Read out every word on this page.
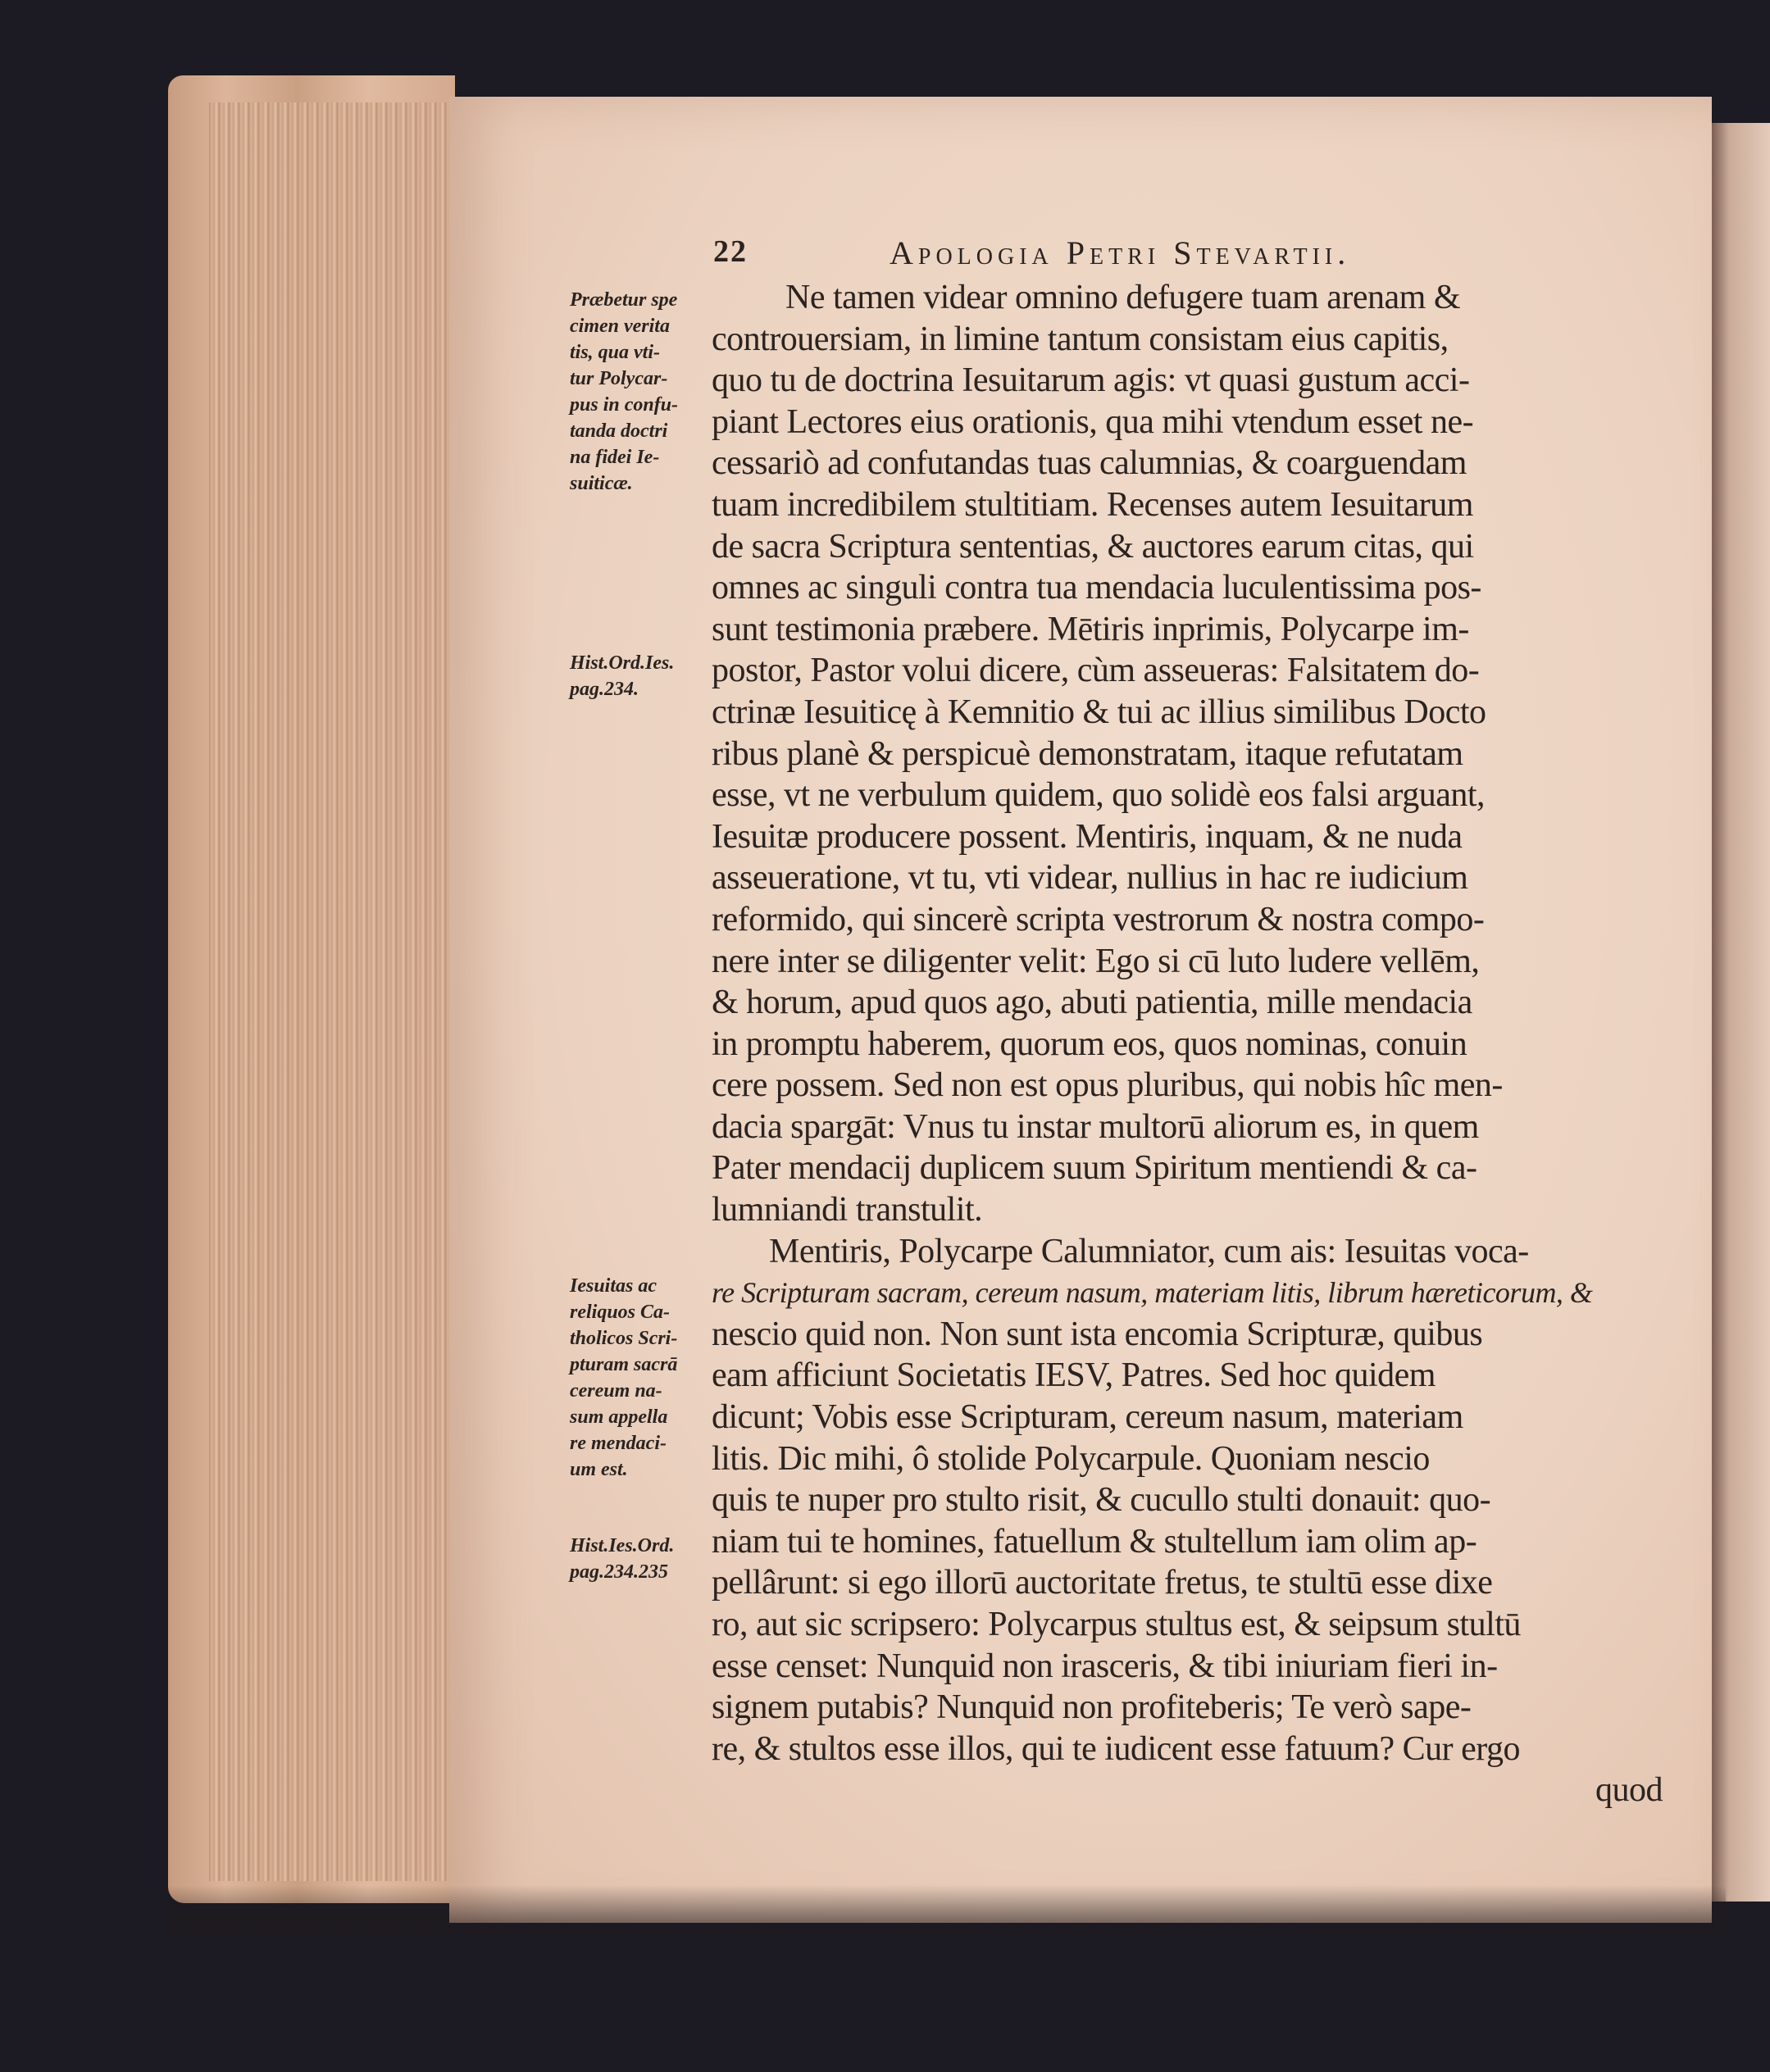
22	Apologia Petri Stevartii.
Præbetur spe
cimen verita
tis, qua vti-
tur Polycar-
pus in confu-
tanda doctri
na fidei Ie-
suiticæ.
Hist.Ord.Ies.
pag.234.
Iesuitas ac
reliquos Ca-
tholicos Scri-
pturam sacrā
cereum na-
sum appella
re mendaci-
um est.
Hist.Ies.Ord.
pag.234.235
Ne tamen videar omnino defugere tuam arenam &
controuersiam, in limine tantum consistam eius capitis,
quo tu de doctrina Iesuitarum agis: vt quasi gustum acci-
piant Lectores eius orationis, qua mihi vtendum esset ne-
cessariò ad confutandas tuas calumnias, & coarguendam
tuam incredibilem stultitiam. Recenses autem Iesuitarum
de sacra Scriptura sententias, & auctores earum citas, qui
omnes ac singuli contra tua mendacia luculentissima pos-
sunt testimonia præbere. Mētiris inprimis, Polycarpe im-
postor, Pastor volui dicere, cùm asseueras: Falsitatem do-
ctrinæ Iesuiticę à Kemnitio & tui ac illius similibus Docto
ribus planè & perspicuè demonstratam, itaque refutatam
esse, vt ne verbulum quidem, quo solidè eos falsi arguant,
Iesuitæ producere possent. Mentiris, inquam, & ne nuda
asseueratione, vt tu, vti videar, nullius in hac re iudicium
reformido, qui sincerè scripta vestrorum & nostra compo-
nere inter se diligenter velit: Ego si cū luto ludere vellēm,
& horum, apud quos ago, abuti patientia, mille mendacia
in promptu haberem, quorum eos, quos nominas, conuin
cere possem. Sed non est opus pluribus, qui nobis hîc men-
dacia spargāt: Vnus tu instar multorū aliorum es, in quem
Pater mendacij duplicem suum Spiritum mentiendi & ca-
lumniandi transtulit.
Mentiris, Polycarpe Calumniator, cum ais: Iesuitas voca-
re Scripturam sacram, cereum nasum, materiam litis, librum hæreticorum, &
nescio quid non. Non sunt ista encomia Scripturæ, quibus
eam afficiunt Societatis IESV, Patres. Sed hoc quidem
dicunt; Vobis esse Scripturam, cereum nasum, materiam
litis. Dic mihi, ô stolide Polycarpule. Quoniam nescio
quis te nuper pro stulto risit, & cucullo stulti donauit: quo-
niam tui te homines, fatuellum & stultellum iam olim ap-
pellârunt: si ego illorū auctoritate fretus, te stultū esse dixe
ro, aut sic scripsero: Polycarpus stultus est, & seipsum stultū
esse censet: Nunquid non irasceris, & tibi iniuriam fieri in-
signem putabis? Nunquid non profiteberis; Te verò sape-
re, & stultos esse illos, qui te iudicent esse fatuum? Cur ergo
quod
